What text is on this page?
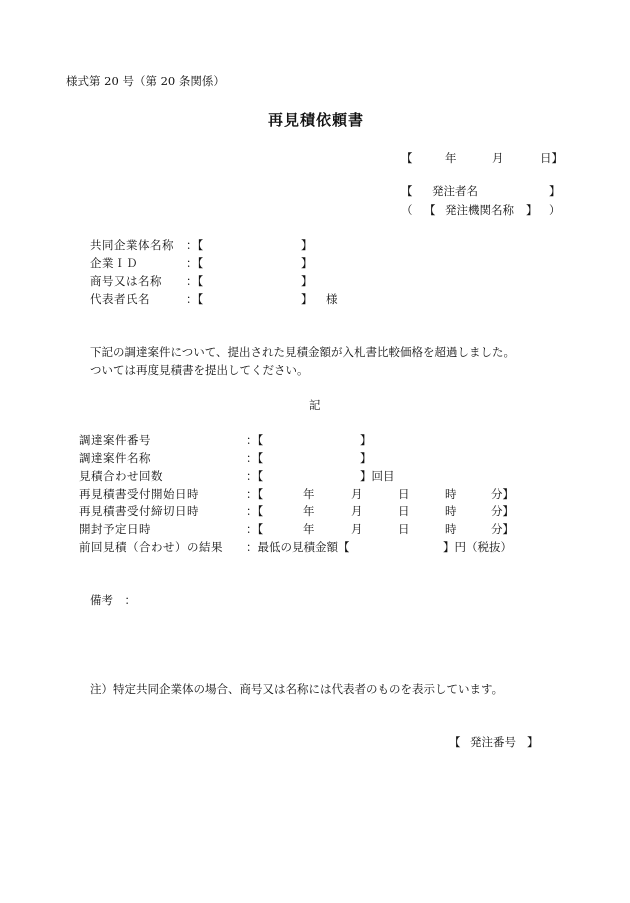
様式第 20 号（第 20 条関係）
再見積依頼書
【	年	月	日】
【 発注者名	】
（ 【 発注機関名称 】 ）
共同企業体名称 ：【	】
企業ＩＤ	：【	】
商号又は名称 ：【	】
代表者氏名	：【	】 様
下記の調達案件について、提出された見積金額が入札書比較価格を超過しました。
ついては再度見積書を提出してください。
記
調達案件番号	：【	】
調達案件名称	：【	】
見積合わせ回数	：【	】回目
再見積書受付開始日時	：【	年	月	日	時	分】
再見積書受付締切日時	：【	年	月	日	時	分】
開封予定日時	：【	年	月	日	時	分】
前回見積（合わせ）の結果 ：最低の見積金額【	】円（税抜）
備考　：
注）特定共同企業体の場合、商号又は名称には代表者のものを表示しています。
【 発注番号 】
